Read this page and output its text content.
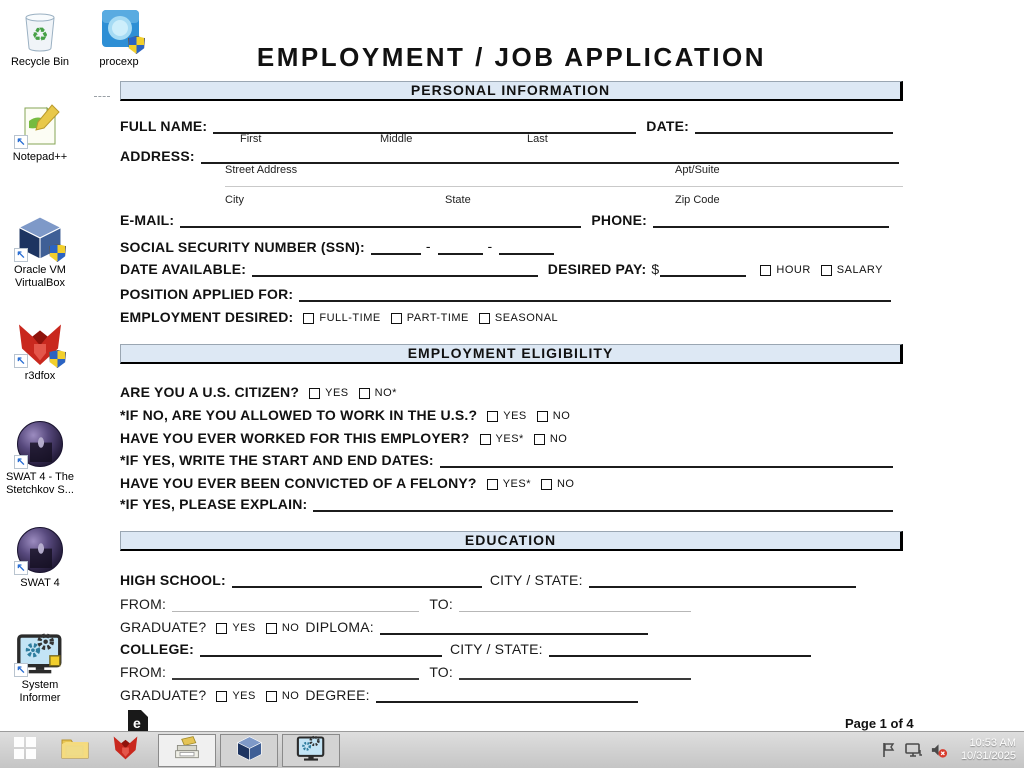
♻
Recycle Bin	procexp
↖
Notepad++
↖
Oracle VM VirtualBox
↖
r3dfox
↖
SWAT 4 - The Stetchkov S...
↖
SWAT 4
↖
System Informer
EMPLOYMENT / JOB APPLICATION
PERSONAL INFORMATION
FULL NAME:	DATE:
First	Middle	Last
ADDRESS:
Street Address	Apt/Suite
City	State	Zip Code
E-MAIL:	PHONE:
SOCIAL SECURITY NUMBER (SSN):	-	-
DATE AVAILABLE:	DESIRED PAY: $	HOUR SALARY
POSITION APPLIED FOR:
EMPLOYMENT DESIRED: FULL-TIME PART-TIME SEASONAL
EMPLOYMENT ELIGIBILITY
ARE YOU A U.S. CITIZEN? YES NO*
*IF NO, ARE YOU ALLOWED TO WORK IN THE U.S.? YES NO
HAVE YOU EVER WORKED FOR THIS EMPLOYER? YES* NO
*IF YES, WRITE THE START AND END DATES:
HAVE YOU EVER BEEN CONVICTED OF A FELONY? YES* NO
*IF YES, PLEASE EXPLAIN:
EDUCATION
HIGH SCHOOL:	CITY / STATE:
FROM:	TO:
GRADUATE? YES NO DIPLOMA:
COLLEGE:	CITY / STATE:
FROM:	TO:
GRADUATE? YES NO DEGREE:
e	Page 1 of 4
10:53 AM
10/31/2025
